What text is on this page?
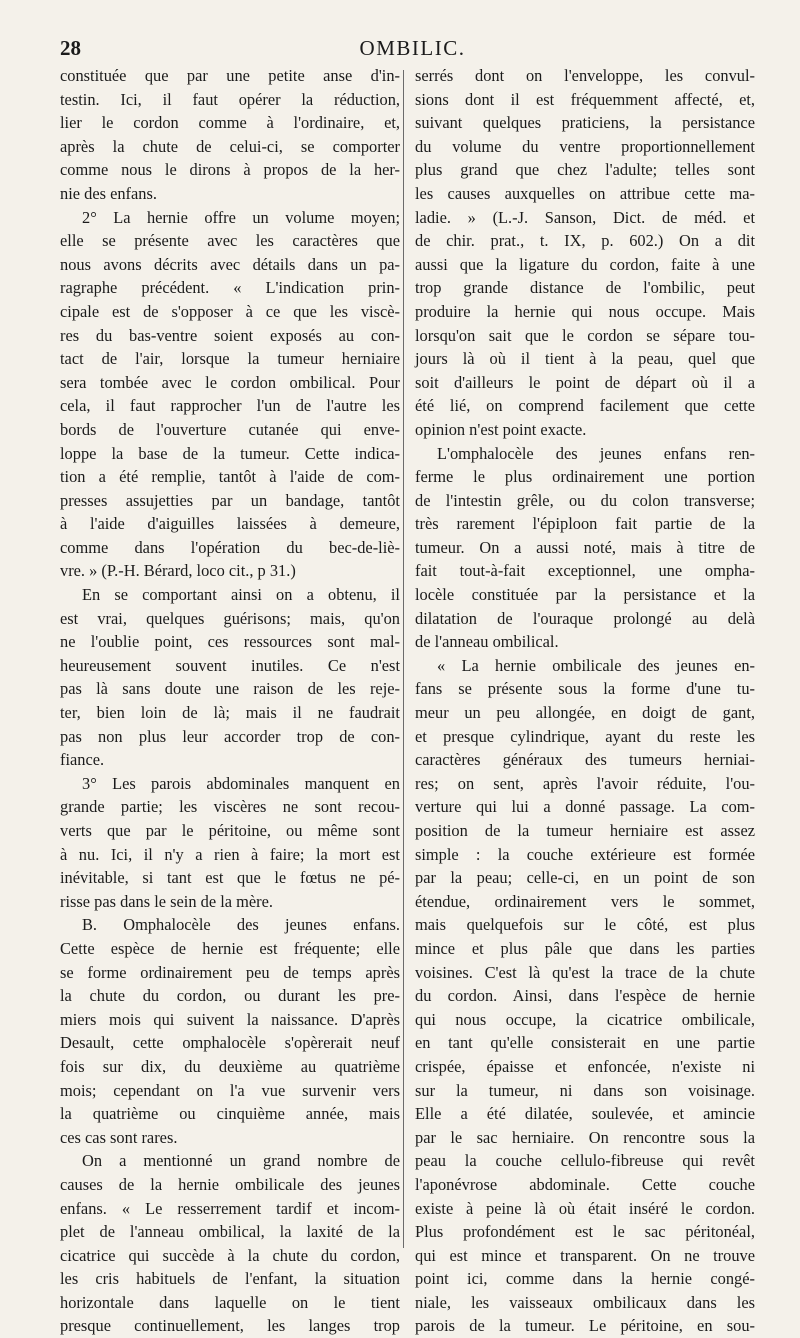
28	OMBILIC.
constituée que par une petite anse d'in-
testin. Ici, il faut opérer la réduction,
lier le cordon comme à l'ordinaire, et,
après la chute de celui-ci, se comporter
comme nous le dirons à propos de la her-
nie des enfans.
2° La hernie offre un volume moyen;
elle se présente avec les caractères que
nous avons décrits avec détails dans un pa-
ragraphe précédent. « L'indication prin-
cipale est de s'opposer à ce que les viscè-
res du bas-ventre soient exposés au con-
tact de l'air, lorsque la tumeur herniaire
sera tombée avec le cordon ombilical. Pour
cela, il faut rapprocher l'un de l'autre les
bords de l'ouverture cutanée qui enve-
loppe la base de la tumeur. Cette indica-
tion a été remplie, tantôt à l'aide de com-
presses assujetties par un bandage, tantôt
à l'aide d'aiguilles laissées à demeure,
comme dans l'opération du bec-de-liè-
vre. » (P.-H. Bérard, loco cit., p 31.)
En se comportant ainsi on a obtenu, il
est vrai, quelques guérisons; mais, qu'on
ne l'oublie point, ces ressources sont mal-
heureusement souvent inutiles. Ce n'est
pas là sans doute une raison de les reje-
ter, bien loin de là; mais il ne faudrait
pas non plus leur accorder trop de con-
fiance.
3° Les parois abdominales manquent en
grande partie; les viscères ne sont recou-
verts que par le péritoine, ou même sont
à nu. Ici, il n'y a rien à faire; la mort est
inévitable, si tant est que le fœtus ne pé-
risse pas dans le sein de la mère.
B. Omphalocèle des jeunes enfans.
Cette espèce de hernie est fréquente; elle
se forme ordinairement peu de temps après
la chute du cordon, ou durant les pre-
miers mois qui suivent la naissance. D'après
Desault, cette omphalocèle s'opèrerait neuf
fois sur dix, du deuxième au quatrième
mois; cependant on l'a vue survenir vers
la quatrième ou cinquième année, mais
ces cas sont rares.
On a mentionné un grand nombre de
causes de la hernie ombilicale des jeunes
enfans. « Le resserrement tardif et incom-
plet de l'anneau ombilical, la laxité de la
cicatrice qui succède à la chute du cordon,
les cris habituels de l'enfant, la situation
horizontale dans laquelle on le tient
presque continuellement, les langes trop
serrés dont on l'enveloppe, les convul-
sions dont il est fréquemment affecté, et,
suivant quelques praticiens, la persistance
du volume du ventre proportionnellement
plus grand que chez l'adulte; telles sont
les causes auxquelles on attribue cette ma-
ladie. » (L.-J. Sanson, Dict. de méd. et
de chir. prat., t. IX, p. 602.) On a dit
aussi que la ligature du cordon, faite à une
trop grande distance de l'ombilic, peut
produire la hernie qui nous occupe. Mais
lorsqu'on sait que le cordon se sépare tou-
jours là où il tient à la peau, quel que
soit d'ailleurs le point de départ où il a
été lié, on comprend facilement que cette
opinion n'est point exacte.
L'omphalocèle des jeunes enfans ren-
ferme le plus ordinairement une portion
de l'intestin grêle, ou du colon transverse;
très rarement l'épiploon fait partie de la
tumeur. On a aussi noté, mais à titre de
fait tout-à-fait exceptionnel, une ompha-
locèle constituée par la persistance et la
dilatation de l'ouraque prolongé au delà
de l'anneau ombilical.
« La hernie ombilicale des jeunes en-
fans se présente sous la forme d'une tu-
meur un peu allongée, en doigt de gant,
et presque cylindrique, ayant du reste les
caractères généraux des tumeurs herniai-
res; on sent, après l'avoir réduite, l'ou-
verture qui lui a donné passage. La com-
position de la tumeur herniaire est assez
simple : la couche extérieure est formée
par la peau; celle-ci, en un point de son
étendue, ordinairement vers le sommet,
mais quelquefois sur le côté, est plus
mince et plus pâle que dans les parties
voisines. C'est là qu'est la trace de la chute
du cordon. Ainsi, dans l'espèce de hernie
qui nous occupe, la cicatrice ombilicale,
en tant qu'elle consisterait en une partie
crispée, épaisse et enfoncée, n'existe ni
sur la tumeur, ni dans son voisinage.
Elle a été dilatée, soulevée, et amincie
par le sac herniaire. On rencontre sous la
peau la couche cellulo-fibreuse qui revêt
l'aponévrose abdominale. Cette couche
existe à peine là où était inséré le cordon.
Plus profondément est le sac péritonéal,
qui est mince et transparent. On ne trouve
point ici, comme dans la hernie congé-
niale, les vaisseaux ombilicaux dans les
parois de la tumeur. Le péritoine, en sou-
